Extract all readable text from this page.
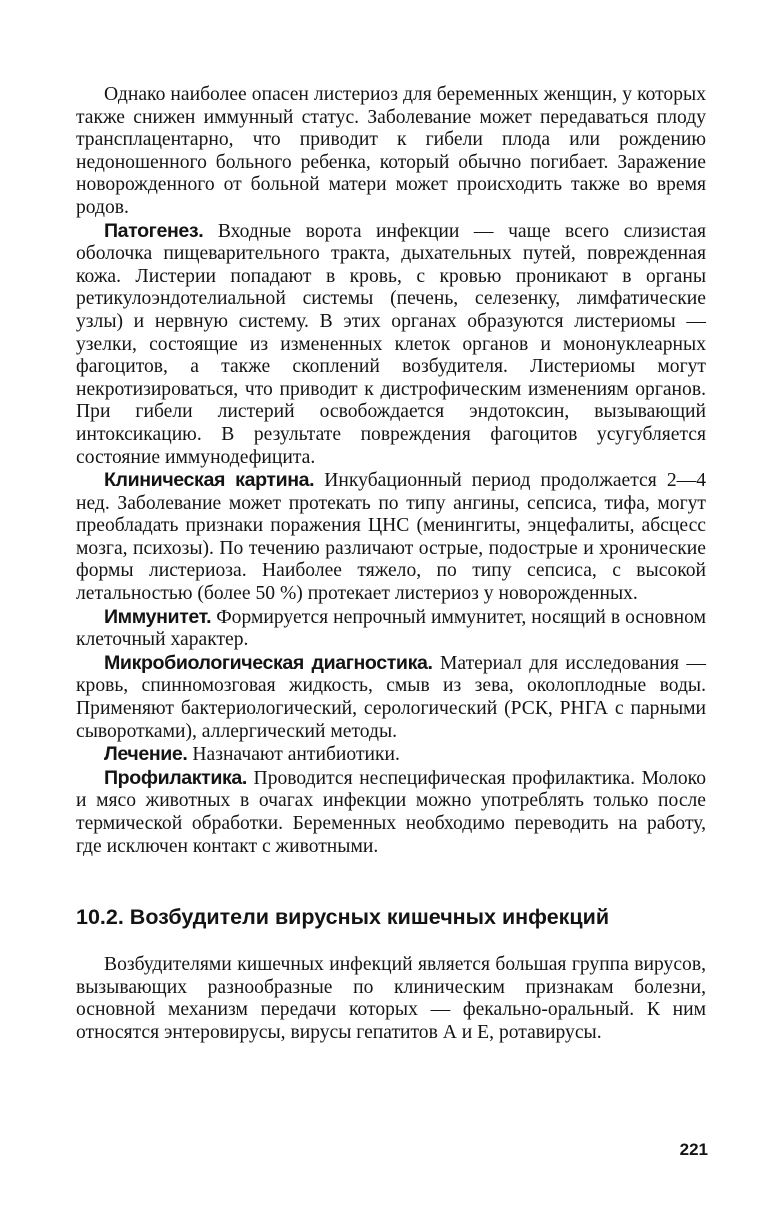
Однако наиболее опасен листериоз для беременных женщин, у которых также снижен иммунный статус. Заболевание может передаваться плоду трансплацентарно, что приводит к гибели плода или рождению недоношенного больного ребенка, который обычно погибает. Заражение новорожденного от больной матери может происходить также во время родов.

Патогенез. Входные ворота инфекции — чаще всего слизистая оболочка пищеварительного тракта, дыхательных путей, поврежденная кожа. Листерии попадают в кровь, с кровью проникают в органы ретикулоэндотелиальной системы (печень, селезенку, лимфатические узлы) и нервную систему. В этих органах образуются листериомы — узелки, состоящие из измененных клеток органов и мононуклеарных фагоцитов, а также скоплений возбудителя. Листериомы могут некротизироваться, что приводит к дистрофическим изменениям органов. При гибели листерий освобождается эндотоксин, вызывающий интоксикацию. В результате повреждения фагоцитов усугубляется состояние иммунодефицита.

Клиническая картина. Инкубационный период продолжается 2—4 нед. Заболевание может протекать по типу ангины, сепсиса, тифа, могут преобладать признаки поражения ЦНС (менингиты, энцефалиты, абсцесс мозга, психозы). По течению различают острые, подострые и хронические формы листериоза. Наиболее тяжело, по типу сепсиса, с высокой летальностью (более 50 %) протекает листериоз у новорожденных.

Иммунитет. Формируется непрочный иммунитет, носящий в основном клеточный характер.

Микробиологическая диагностика. Материал для исследования — кровь, спинномозговая жидкость, смыв из зева, околоплодные воды. Применяют бактериологический, серологический (РСК, РНГА с парными сыворотками), аллергический методы.

Лечение. Назначают антибиотики.

Профилактика. Проводится неспецифическая профилактика. Молоко и мясо животных в очагах инфекции можно употреблять только после термической обработки. Беременных необходимо переводить на работу, где исключен контакт с животными.

10.2. Возбудители вирусных кишечных инфекций

Возбудителями кишечных инфекций является большая группа вирусов, вызывающих разнообразные по клиническим признакам болезни, основной механизм передачи которых — фекально-оральный. К ним относятся энтеровирусы, вирусы гепатитов А и Е, ротавирусы.

221
